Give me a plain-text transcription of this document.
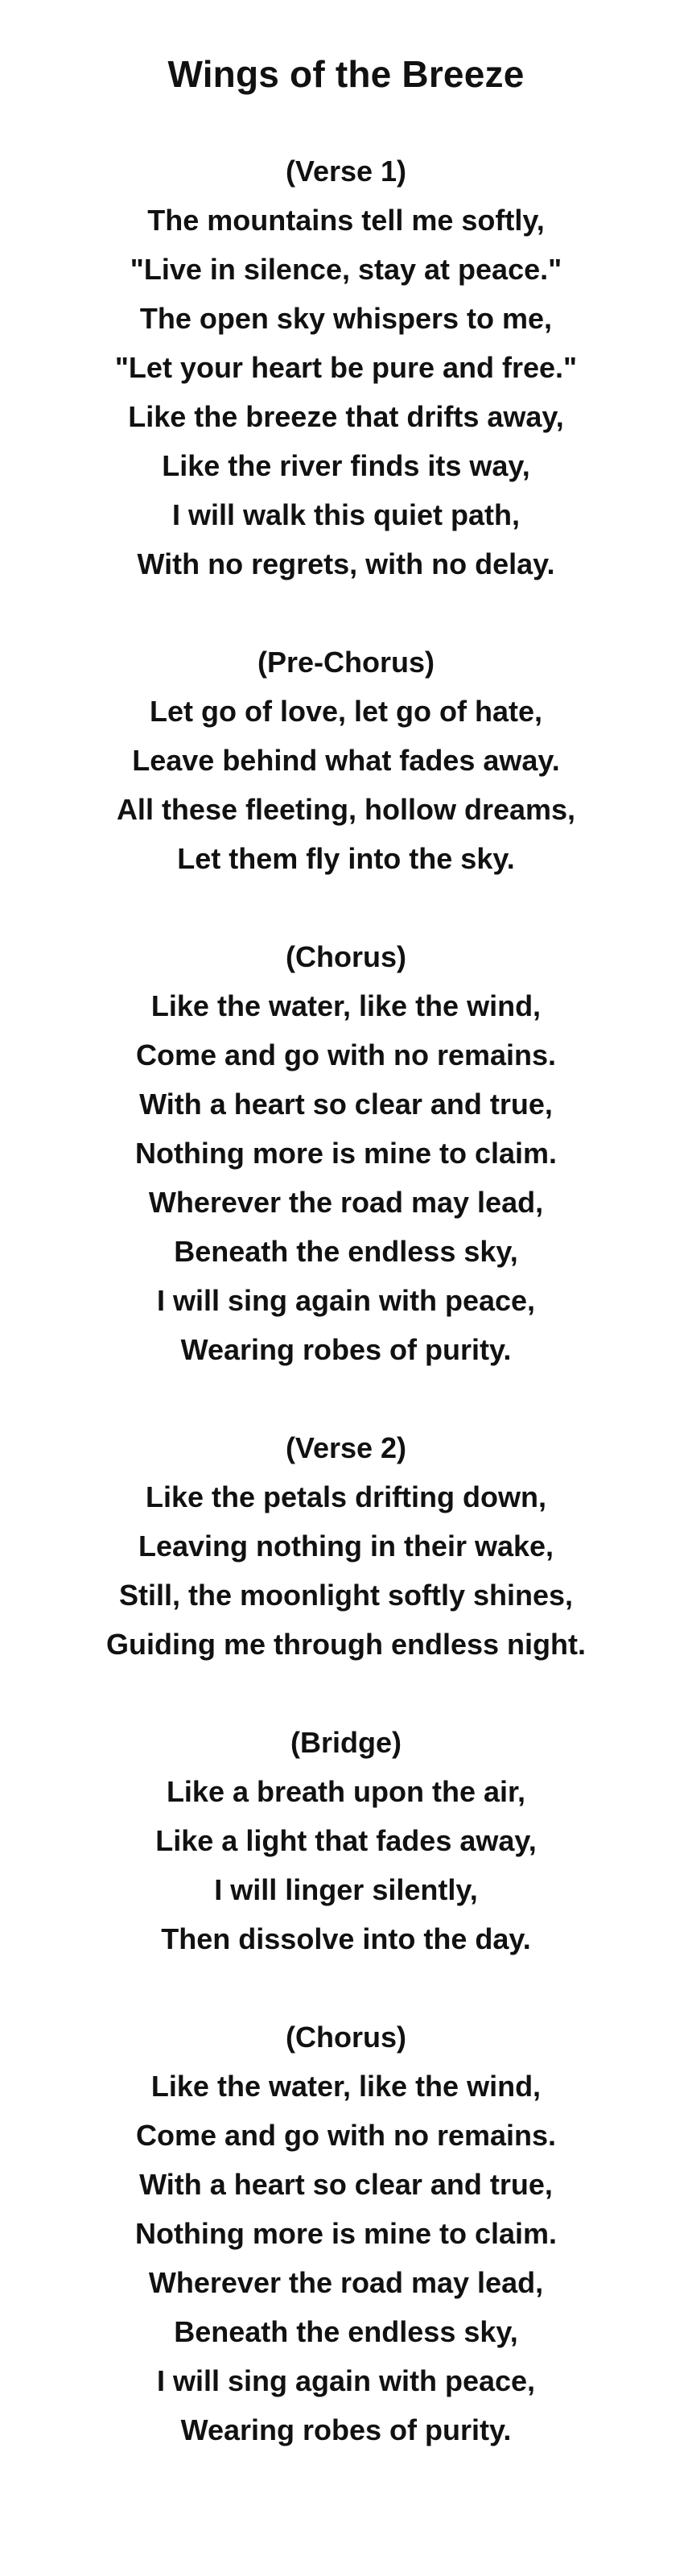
Wings of the Breeze

(Verse 1)

The mountains tell me softly,
"Live in silence, stay at peace."
The open sky whispers to me,
"Let your heart be pure and free."
Like the breeze that drifts away,
Like the river finds its way,
I will walk this quiet path,
With no regrets, with no delay.

(Pre-Chorus)

Let go of love, let go of hate,
Leave behind what fades away.
All these fleeting, hollow dreams,
Let them fly into the sky.

(Chorus)

Like the water, like the wind,
Come and go with no remains.
With a heart so clear and true,
Nothing more is mine to claim.
Wherever the road may lead,
Beneath the endless sky,
I will sing again with peace,
Wearing robes of purity.

(Verse 2)

Like the petals drifting down,
Leaving nothing in their wake,
Still, the moonlight softly shines,
Guiding me through endless night.

(Bridge)

Like a breath upon the air,
Like a light that fades away,
I will linger silently,
Then dissolve into the day.

(Chorus)

Like the water, like the wind,
Come and go with no remains.
With a heart so clear and true,
Nothing more is mine to claim.
Wherever the road may lead,
Beneath the endless sky,
I will sing again with peace,
Wearing robes of purity.
